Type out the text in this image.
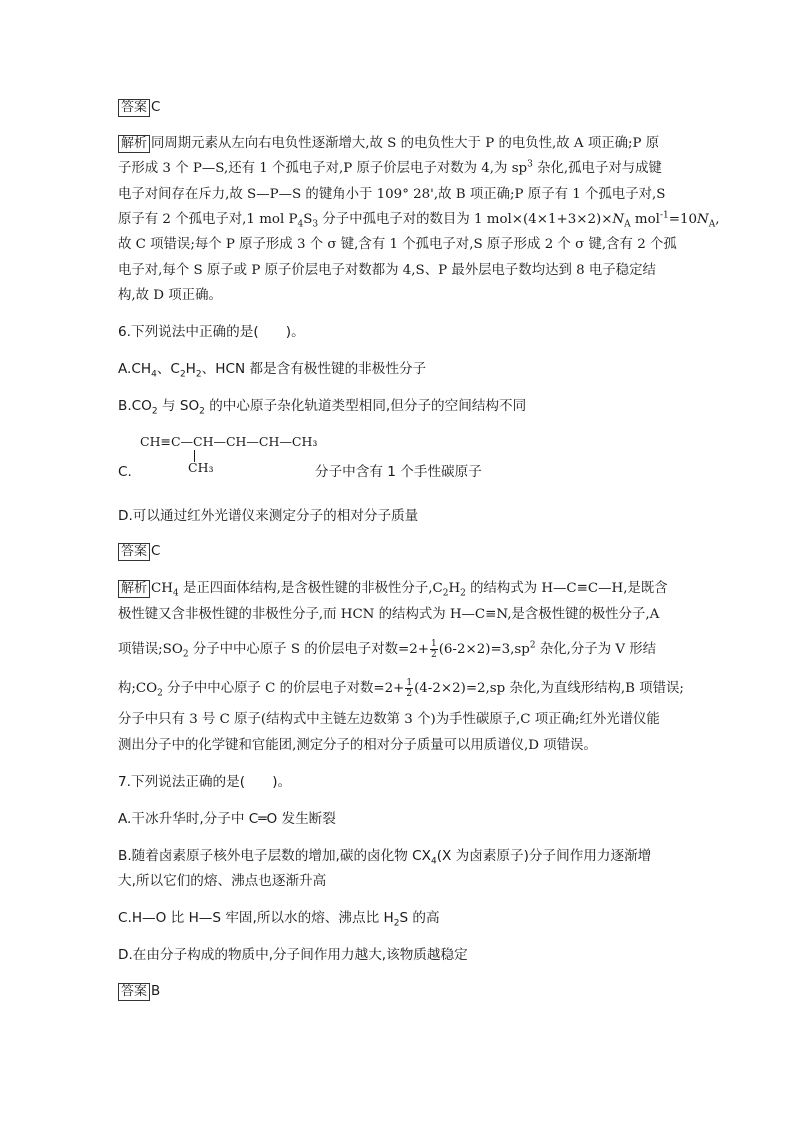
答案 C
解析 同周期元素从左向右电负性逐渐增大,故 S 的电负性大于 P 的电负性,故 A 项正确;P 原
子形成 3 个 P—S,还有 1 个孤电子对,P 原子价层电子对数为 4,为 $sp^3$ 杂化,孤电子对与成键
电子对间存在斥力,故 S—P—S 的键角小于 109° 28',故 B 项正确;P 原子有 1 个孤电子对,S
原子有 2 个孤电子对,1 mol $P_4S_3$ 分子中孤电子对的数目为 1 $mol\times(4\times 1+3\times 2)\times N_A$ $mol^{-1}=10N_A$,
故 C 项错误;每个 P 原子形成 3 个 σ 键,含有 1 个孤电子对,S 原子形成 2 个 σ 键,含有 2 个孤
电子对,每个 S 原子或 P 原子价层电子对数都为 4,S、P 最外层电子数均达到 8 电子稳定结
构,故 D 项正确。
6.下列说法中正确的是(　　)。
$A.CH_4$、$C_2H_2$、HCN 都是含有极性键的非极性分子
$B.CO_2$ 与 $SO_2$ 的中心原子杂化轨道类型相同,但分子的空间结构不同
CH≡C—CH—CH—CH—CH₃
CH₃
C.	分子中含有 1 个手性碳原子
D.可以通过红外光谱仪来测定分子的相对分子质量
答案 C
解析 $CH_4$ 是正四面体结构,是含极性键的非极性分子$,C_2H_2$ 的结构式为 H—C≡C—H,是既含
极性键又含非极性键的非极性分子,而 HCN 的结构式为 H—C≡N,是含极性键的极性分子,A
项错误$;SO_2$ 分子中中心原子 S 的价层电子对数$=2+ \frac{1}{2} (6-2\times 2)=3,sp^2$ 杂化,分子为 V 形结
构$;CO_2$ 分子中中心原子 C 的价层电子对数$=2+ \frac{1}{2} (4-2\times 2)=2,sp$ 杂化,为直线形结构,B 项错误;
分子中只有 3 号 C 原子(结构式中主链左边数第 3 个)为手性碳原子,C 项正确;红外光谱仪能
测出分子中的化学键和官能团,测定分子的相对分子质量可以用质谱仪,D 项错误。
7.下列说法正确的是(　　)。
A.干冰升华时,分子中 C═O 发生断裂
B.随着卤素原子核外电子层数的增加,碳的卤化物 $CX_4(X$ 为卤素原子)分子间作用力逐渐增
大,所以它们的熔、沸点也逐渐升高
C.H—O 比 H—S 牢固,所以水的熔、沸点比 $H_2S$ 的高
D.在由分子构成的物质中,分子间作用力越大,该物质越稳定
答案 B
